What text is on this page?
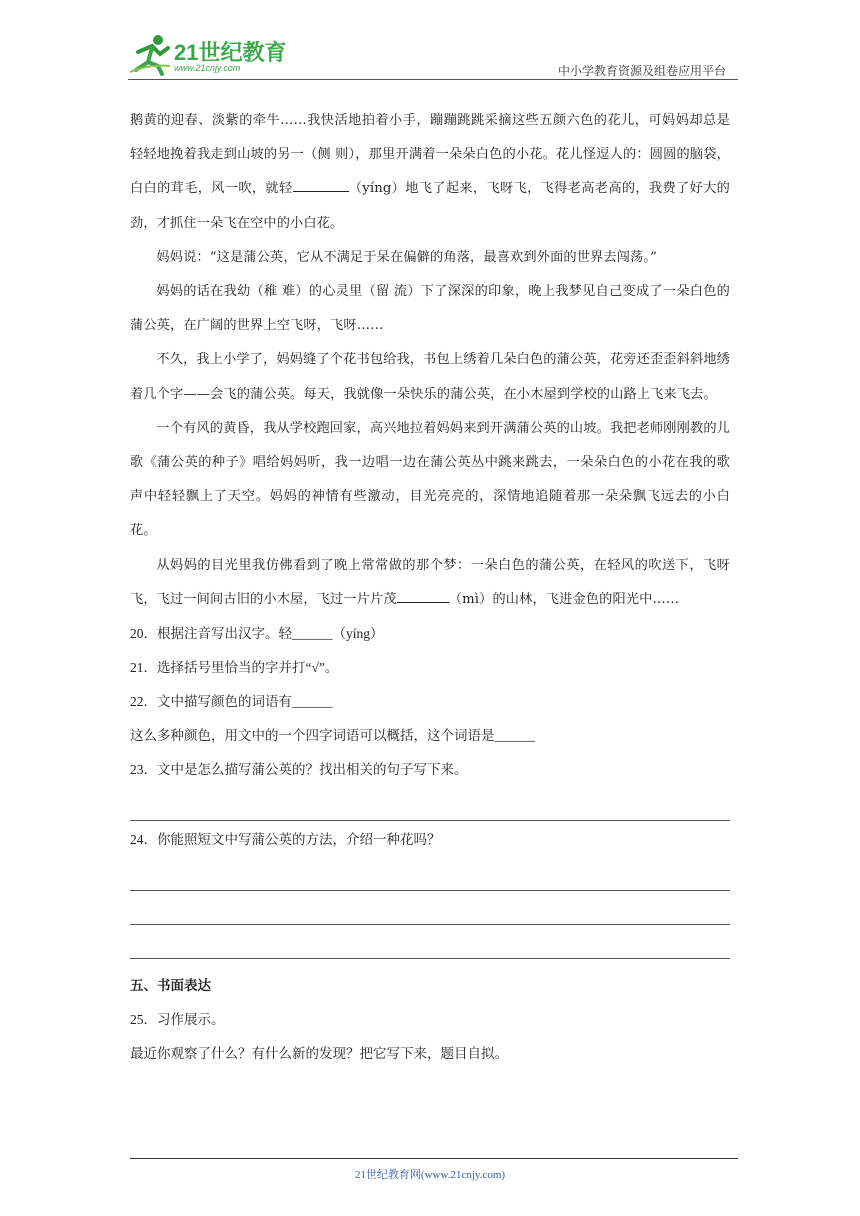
21世纪教育
www.21cnjy.com	中小学教育资源及组卷应用平台

鹅黄的迎春、淡紫的牵牛……我快活地拍着小手，蹦蹦跳跳采摘这些五颜六色的花儿，可妈妈却总是轻轻地挽着我走到山坡的另一（侧 则），那里开满着一朵朵白色的小花。花儿怪逗人的：圆圆的脑袋，白白的茸毛，风一吹，就轻	（yíng）地飞了起来，飞呀飞，飞得老高老高的，我费了好大的劲，才抓住一朵飞在空中的小白花。

妈妈说：“这是蒲公英，它从不满足于呆在偏僻的角落，最喜欢到外面的世界去闯荡。”

妈妈的话在我幼（稚 难）的心灵里（留 流）下了深深的印象，晚上我梦见自己变成了一朵白色的蒲公英，在广阔的世界上空飞呀，飞呀……

不久，我上小学了，妈妈缝了个花书包给我，书包上绣着几朵白色的蒲公英，花旁还歪歪斜斜地绣着几个字——会飞的蒲公英。每天，我就像一朵快乐的蒲公英，在小木屋到学校的山路上飞来飞去。

一个有风的黄昏，我从学校跑回家，高兴地拉着妈妈来到开满蒲公英的山坡。我把老师刚刚教的儿歌《蒲公英的种子》唱给妈妈听，我一边唱一边在蒲公英丛中跳来跳去，一朵朵白色的小花在我的歌声中轻轻飘上了天空。妈妈的神情有些激动，目光亮亮的，深情地追随着那一朵朵飘飞远去的小白花。

从妈妈的目光里我仿佛看到了晚上常常做的那个梦：一朵白色的蒲公英，在轻风的吹送下，飞呀飞，飞过一间间古旧的小木屋，飞过一片片茂	（mì）的山林，飞进金色的阳光中……

20．根据注音写出汉字。轻______（yíng）

21．选择括号里恰当的字并打“√”。

22．文中描写颜色的词语有______

这么多种颜色，用文中的一个四字词语可以概括，这个词语是______

23．文中是怎么描写蒲公英的？找出相关的句子写下来。

24．你能照短文中写蒲公英的方法，介绍一种花吗？

五、书面表达

25．习作展示。

最近你观察了什么？有什么新的发现？把它写下来，题目自拟。

21世纪教育网(www.21cnjy.com)
